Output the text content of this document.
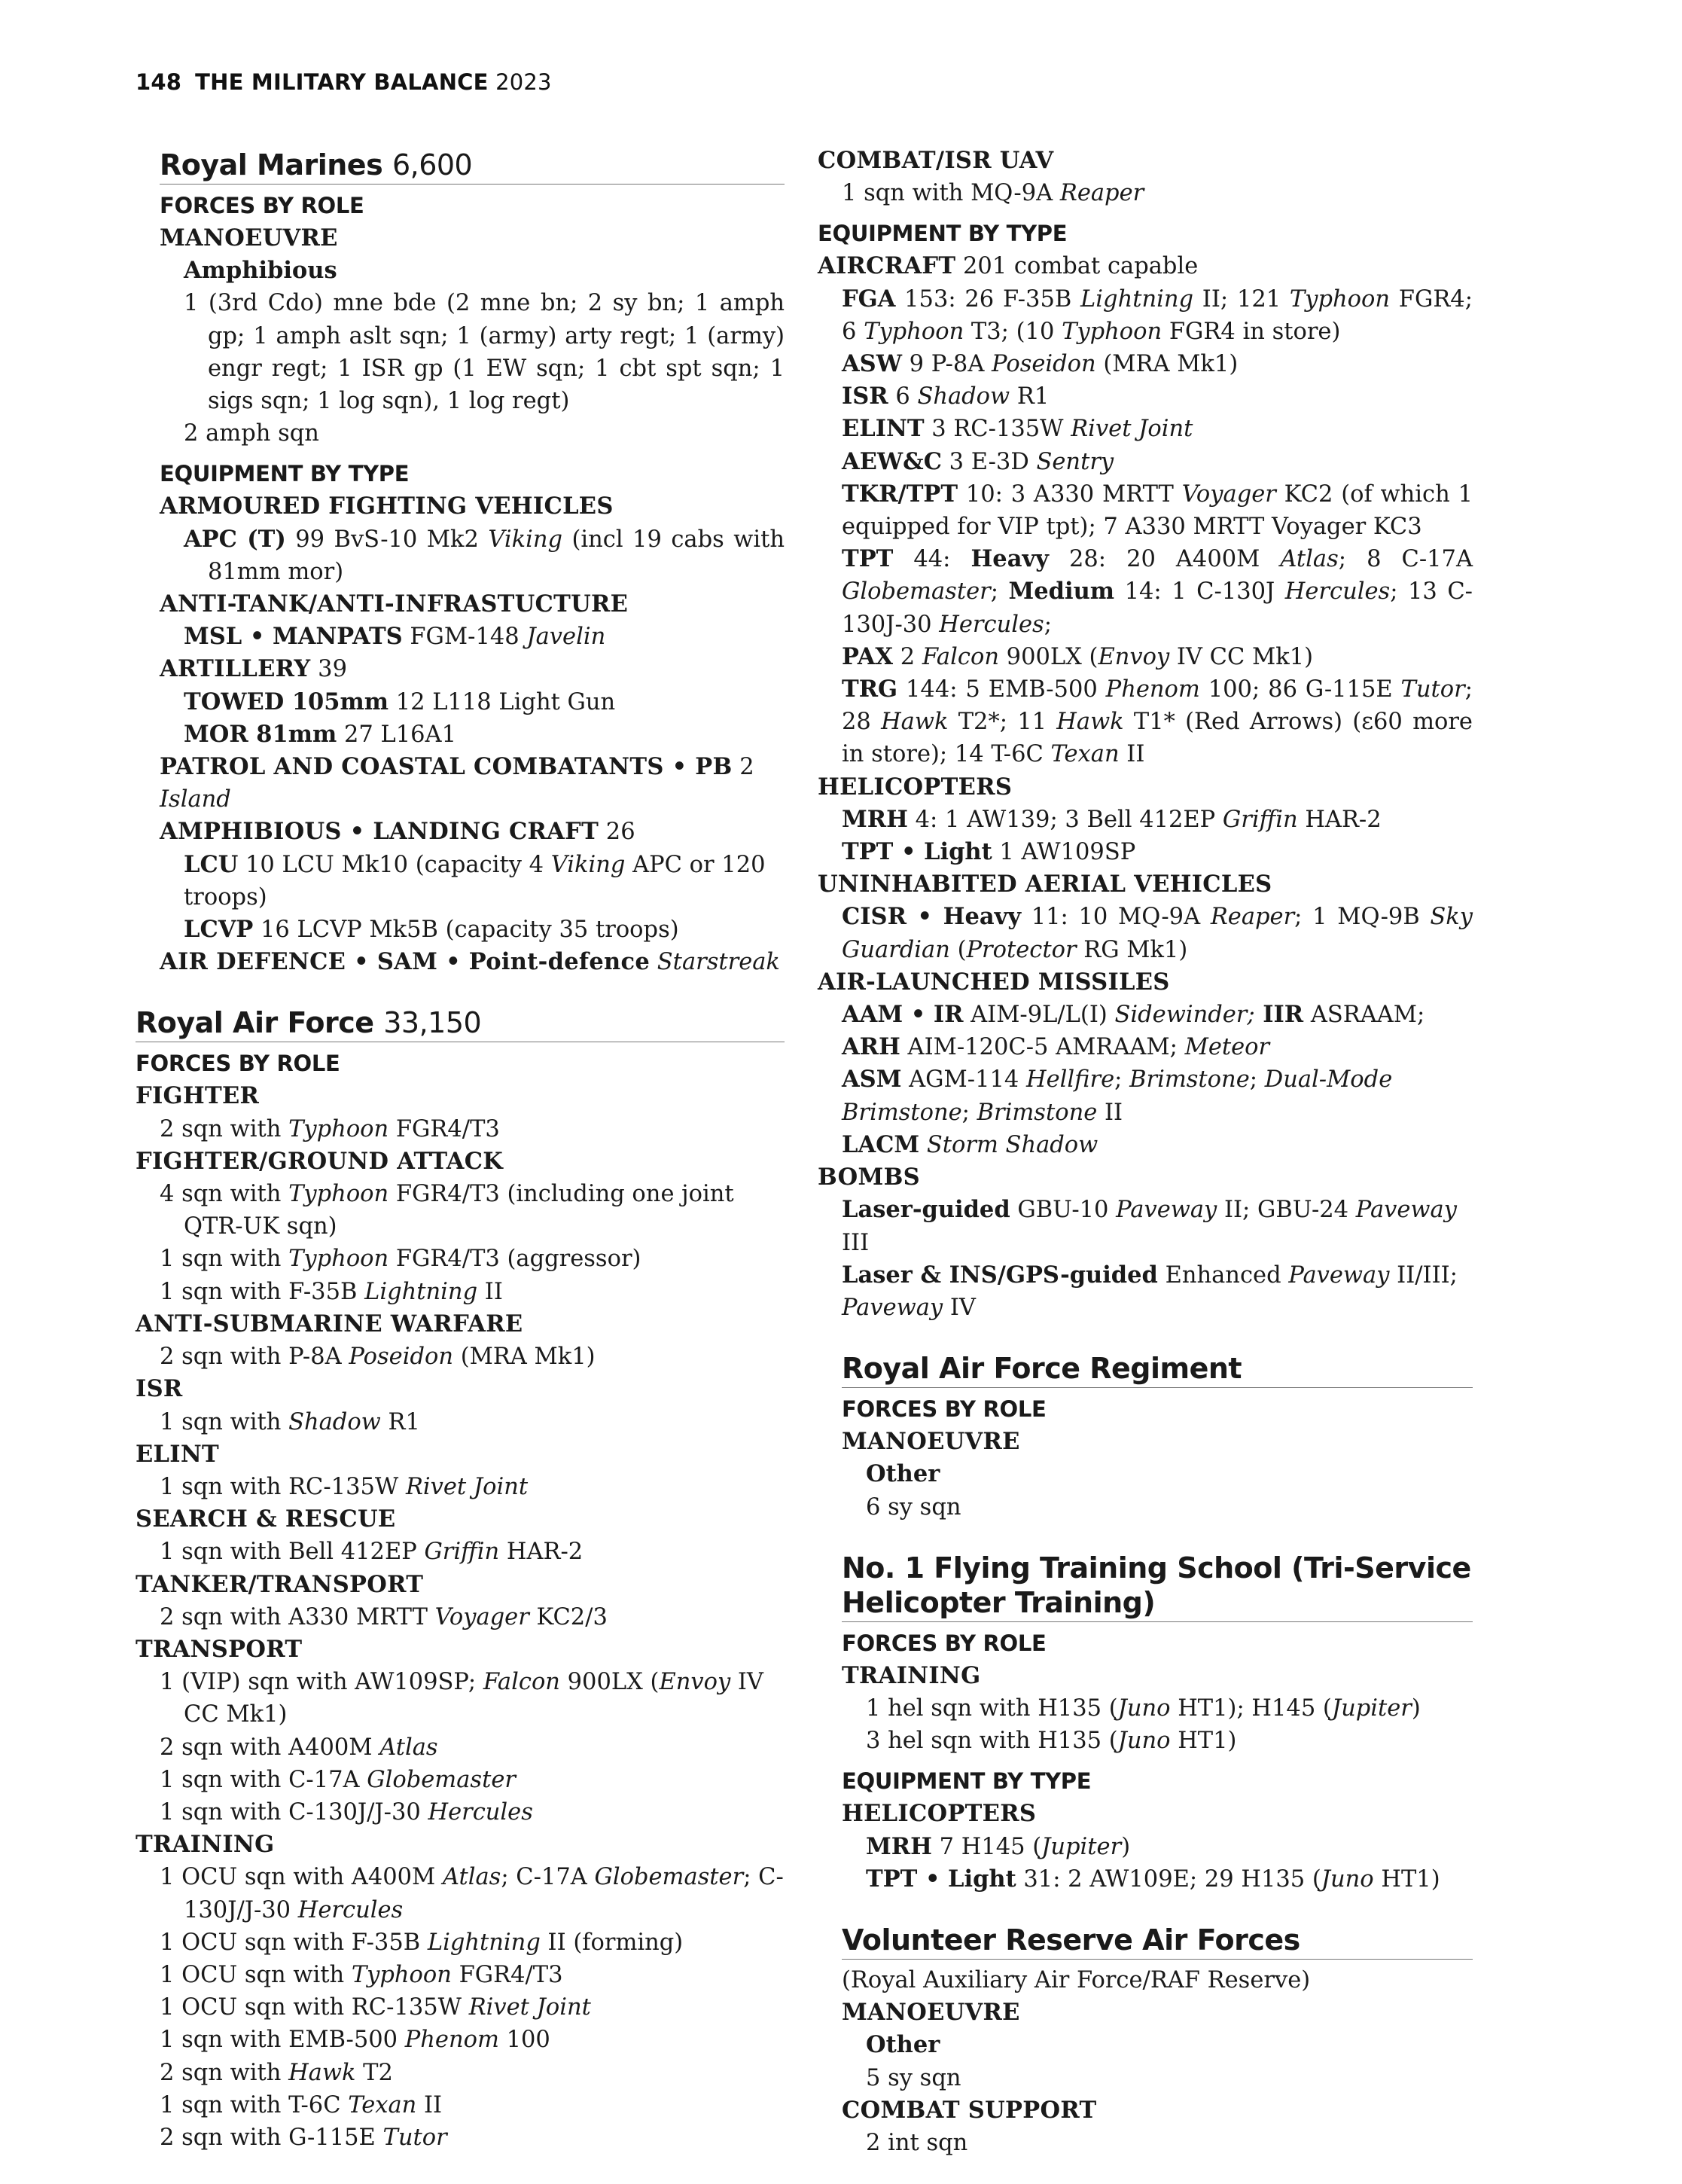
148 THE MILITARY BALANCE 2023
Royal Marines 6,600
FORCES BY ROLE
MANOEUVRE
Amphibious
1 (3rd Cdo) mne bde (2 mne bn; 2 sy bn; 1 amph gp; 1 amph aslt sqn; 1 (army) arty regt; 1 (army) engr regt; 1 ISR gp (1 EW sqn; 1 cbt spt sqn; 1 sigs sqn; 1 log sqn), 1 log regt)
2 amph sqn
EQUIPMENT BY TYPE
ARMOURED FIGHTING VEHICLES
APC (T) 99 BvS-10 Mk2 Viking (incl 19 cabs with 81mm mor)
ANTI-TANK/ANTI-INFRASTUCTURE
MSL • MANPATS FGM-148 Javelin
ARTILLERY 39
TOWED 105mm 12 L118 Light Gun
MOR 81mm 27 L16A1
PATROL AND COASTAL COMBATANTS • PB 2 Island
AMPHIBIOUS • LANDING CRAFT 26
LCU 10 LCU Mk10 (capacity 4 Viking APC or 120 troops)
LCVP 16 LCVP Mk5B (capacity 35 troops)
AIR DEFENCE • SAM • Point-defence Starstreak
Royal Air Force 33,150
FORCES BY ROLE
FIGHTER
2 sqn with Typhoon FGR4/T3
FIGHTER/GROUND ATTACK
4 sqn with Typhoon FGR4/T3 (including one joint QTR-UK sqn)
1 sqn with Typhoon FGR4/T3 (aggressor)
1 sqn with F-35B Lightning II
ANTI-SUBMARINE WARFARE
2 sqn with P-8A Poseidon (MRA Mk1)
ISR
1 sqn with Shadow R1
ELINT
1 sqn with RC-135W Rivet Joint
SEARCH & RESCUE
1 sqn with Bell 412EP Griffin HAR-2
TANKER/TRANSPORT
2 sqn with A330 MRTT Voyager KC2/3
TRANSPORT
1 (VIP) sqn with AW109SP; Falcon 900LX (Envoy IV CC Mk1)
2 sqn with A400M Atlas
1 sqn with C-17A Globemaster
1 sqn with C-130J/J-30 Hercules
TRAINING
1 OCU sqn with A400M Atlas; C-17A Globemaster; C-130J/J-30 Hercules
1 OCU sqn with F-35B Lightning II (forming)
1 OCU sqn with Typhoon FGR4/T3
1 OCU sqn with RC-135W Rivet Joint
1 sqn with EMB-500 Phenom 100
2 sqn with Hawk T2
1 sqn with T-6C Texan II
2 sqn with G-115E Tutor
COMBAT/ISR UAV
1 sqn with MQ-9A Reaper
EQUIPMENT BY TYPE
AIRCRAFT 201 combat capable
FGA 153: 26 F-35B Lightning II; 121 Typhoon FGR4; 6 Typhoon T3; (10 Typhoon FGR4 in store)
ASW 9 P-8A Poseidon (MRA Mk1)
ISR 6 Shadow R1
ELINT 3 RC-135W Rivet Joint
AEW&C 3 E-3D Sentry
TKR/TPT 10: 3 A330 MRTT Voyager KC2 (of which 1 equipped for VIP tpt); 7 A330 MRTT Voyager KC3
TPT 44: Heavy 28: 20 A400M Atlas; 8 C-17A Globemaster; Medium 14: 1 C-130J Hercules; 13 C-130J-30 Hercules;
PAX 2 Falcon 900LX (Envoy IV CC Mk1)
TRG 144: 5 EMB-500 Phenom 100; 86 G-115E Tutor; 28 Hawk T2*; 11 Hawk T1* (Red Arrows) (ε60 more in store); 14 T-6C Texan II
HELICOPTERS
MRH 4: 1 AW139; 3 Bell 412EP Griffin HAR-2
TPT • Light 1 AW109SP
UNINHABITED AERIAL VEHICLES
CISR • Heavy 11: 10 MQ-9A Reaper; 1 MQ-9B Sky Guardian (Protector RG Mk1)
AIR-LAUNCHED MISSILES
AAM • IR AIM-9L/L(I) Sidewinder; IIR ASRAAM; ARH AIM-120C-5 AMRAAM; Meteor
ASM AGM-114 Hellfire; Brimstone; Dual-Mode Brimstone; Brimstone II
LACM Storm Shadow
BOMBS
Laser-guided GBU-10 Paveway II; GBU-24 Paveway III
Laser & INS/GPS-guided Enhanced Paveway II/III; Paveway IV
Royal Air Force Regiment
FORCES BY ROLE
MANOEUVRE
Other
6 sy sqn
No. 1 Flying Training School (Tri-Service
Helicopter Training)
FORCES BY ROLE
TRAINING
1 hel sqn with H135 (Juno HT1); H145 (Jupiter)
3 hel sqn with H135 (Juno HT1)
EQUIPMENT BY TYPE
HELICOPTERS
MRH 7 H145 (Jupiter)
TPT • Light 31: 2 AW109E; 29 H135 (Juno HT1)
Volunteer Reserve Air Forces
(Royal Auxiliary Air Force/RAF Reserve)
MANOEUVRE
Other
5 sy sqn
COMBAT SUPPORT
2 int sqn
